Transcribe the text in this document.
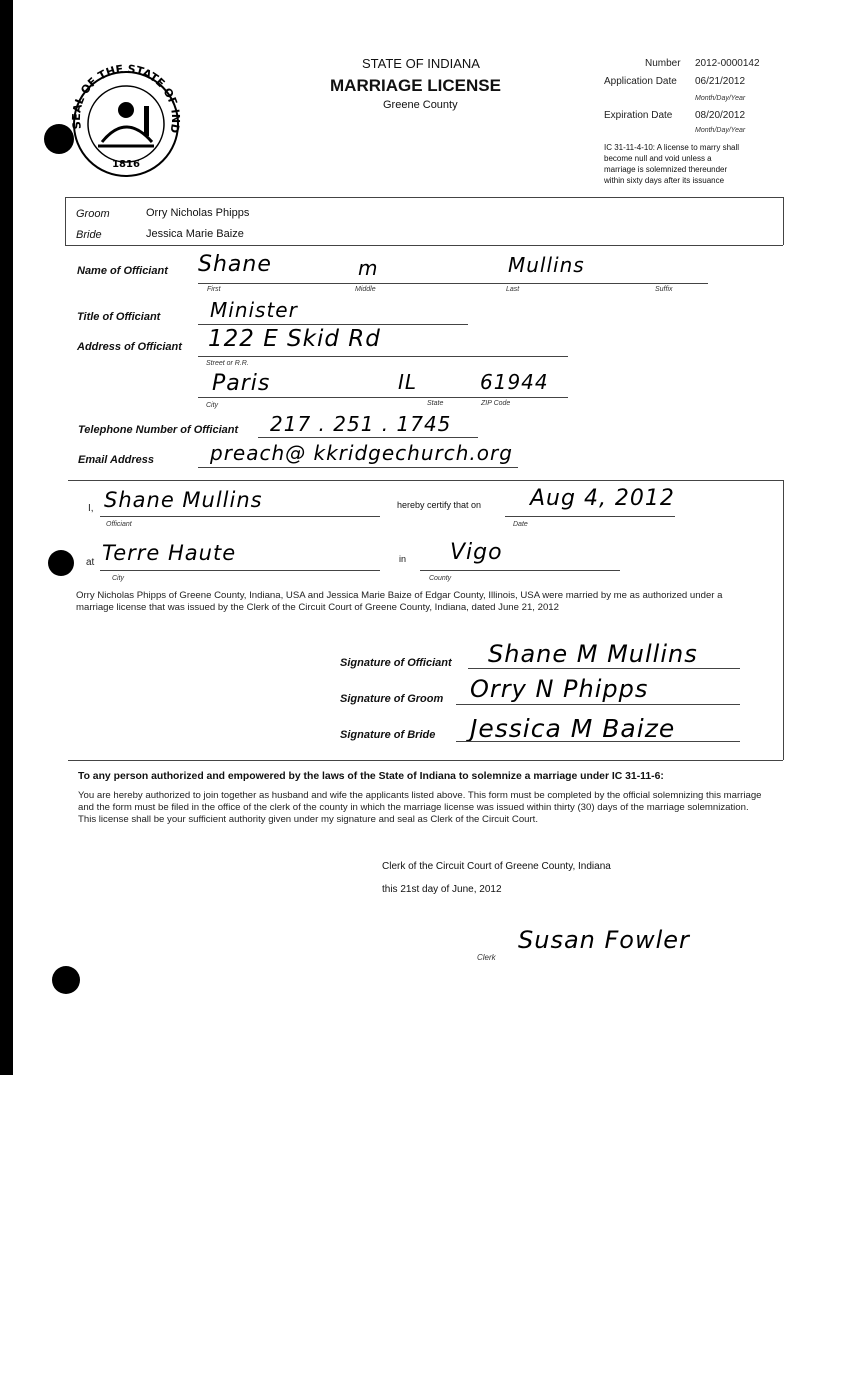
SEAL OF THE STATE OF IND
1816
STATE OF INDIANA
MARRIAGE LICENSE
Greene County
Number 2012-0000142
Application Date 06/21/2012
Month/Day/Year
Expiration Date 08/20/2012
Month/Day/Year
IC 31-11-4-10: A license to marry shall
become null and void unless a
marriage is solemnized thereunder
within sixty days after its issuance
Groom	Orry Nicholas Phipps
Bride	Jessica Marie Baize
Name of Officiant Shane	m	Mullins
First	Middle	Last	Suffix
Title of Officiant Minister
Address of Officiant 122 E Skid Rd
Street or R.R.
Paris	IL	61944
City	State	ZIP Code
Telephone Number of Officiant 217 . 251 . 1745
Email Address	preach@ kkridgechurch.org
I, Shane Mullins
Officiant
hereby certify that on Aug 4, 2012
Date
at Terre Haute
City
in Vigo
County
Orry Nicholas Phipps of Greene County, Indiana, USA and Jessica Marie Baize of Edgar County, Illinois, USA were married by me as authorized under a marriage license that was issued by the Clerk of the Circuit Court of Greene County, Indiana, dated June 21, 2012
Signature of Officiant Shane M Mullins
Signature of Groom Orry N Phipps
Signature of Bride Jessica M Baize
To any person authorized and empowered by the laws of the State of Indiana to solemnize a marriage under IC 31-11-6:
You are hereby authorized to join together as husband and wife the applicants listed above. This form must be completed by the official solemnizing this marriage and the form must be filed in the office of the clerk of the county in which the marriage license was issued within thirty (30) days of the marriage solemnization. This license shall be your sufficient authority given under my signature and seal as Clerk of the Circuit Court.
Clerk of the Circuit Court of Greene County, Indiana
this 21st day of June, 2012
Clerk
Susan Fowler
